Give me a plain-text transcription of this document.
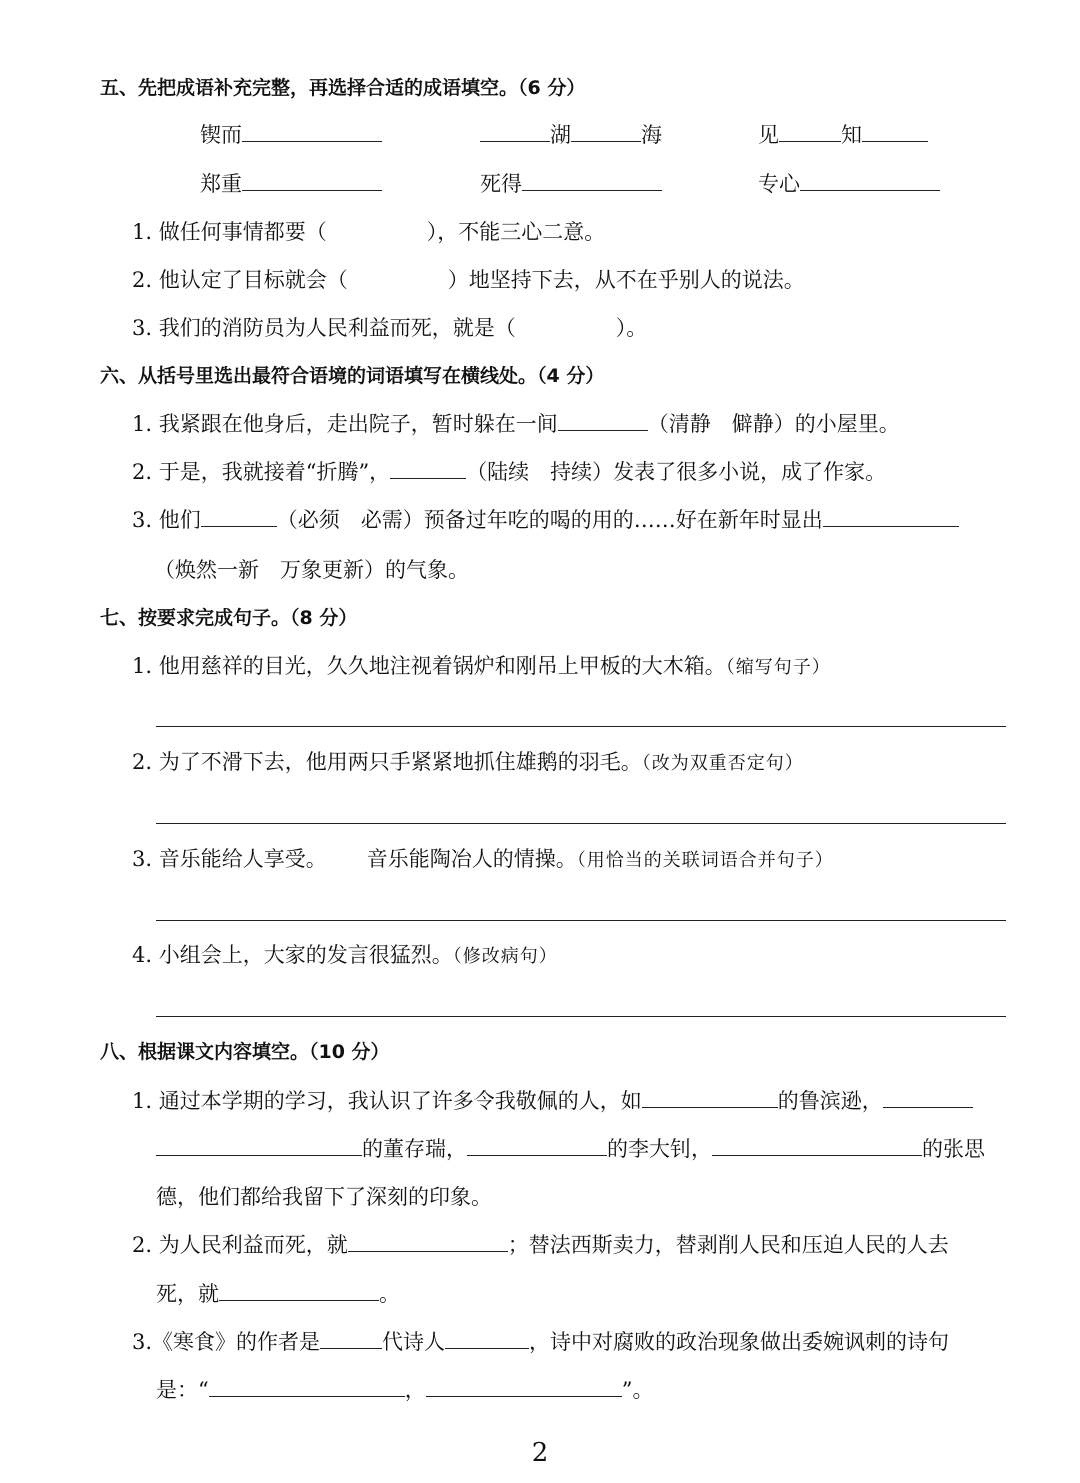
五、先把成语补充完整，再选择合适的成语填空。（6 分）
锲而	湖	海	见	知
郑重	死得	专心
1. 做任何事情都要（	），不能三心二意。
2. 他认定了目标就会（	）地坚持下去，从不在乎别人的说法。
3. 我们的消防员为人民利益而死，就是（	）。
六、从括号里选出最符合语境的词语填写在横线处。（4 分）
1. 我紧跟在他身后，走出院子，暂时躲在一间	（清静　僻静）的小屋里。
2. 于是，我就接着“折腾”，	（陆续　持续）发表了很多小说，成了作家。
3. 他们	（必须　必需）预备过年吃的喝的用的……好在新年时显出
（焕然一新　万象更新）的气象。
七、按要求完成句子。（8 分）
1. 他用慈祥的目光，久久地注视着锅炉和刚吊上甲板的大木箱。（缩写句子）
2. 为了不滑下去，他用两只手紧紧地抓住雄鹅的羽毛。（改为双重否定句）
3. 音乐能给人享受。 音乐能陶冶人的情操。（用恰当的关联词语合并句子）
4. 小组会上，大家的发言很猛烈。（修改病句）
八、根据课文内容填空。（10 分）
1. 通过本学期的学习，我认识了许多令我敬佩的人，如	的鲁滨逊，
的董存瑞，	的李大钊，	的张思
德，他们都给我留下了深刻的印象。
2. 为人民利益而死，就	；替法西斯卖力，替剥削人民和压迫人民的人去
死，就	。
3.《寒食》的作者是	代诗人	，诗中对腐败的政治现象做出委婉讽刺的诗句
是：“	，	”。
2
